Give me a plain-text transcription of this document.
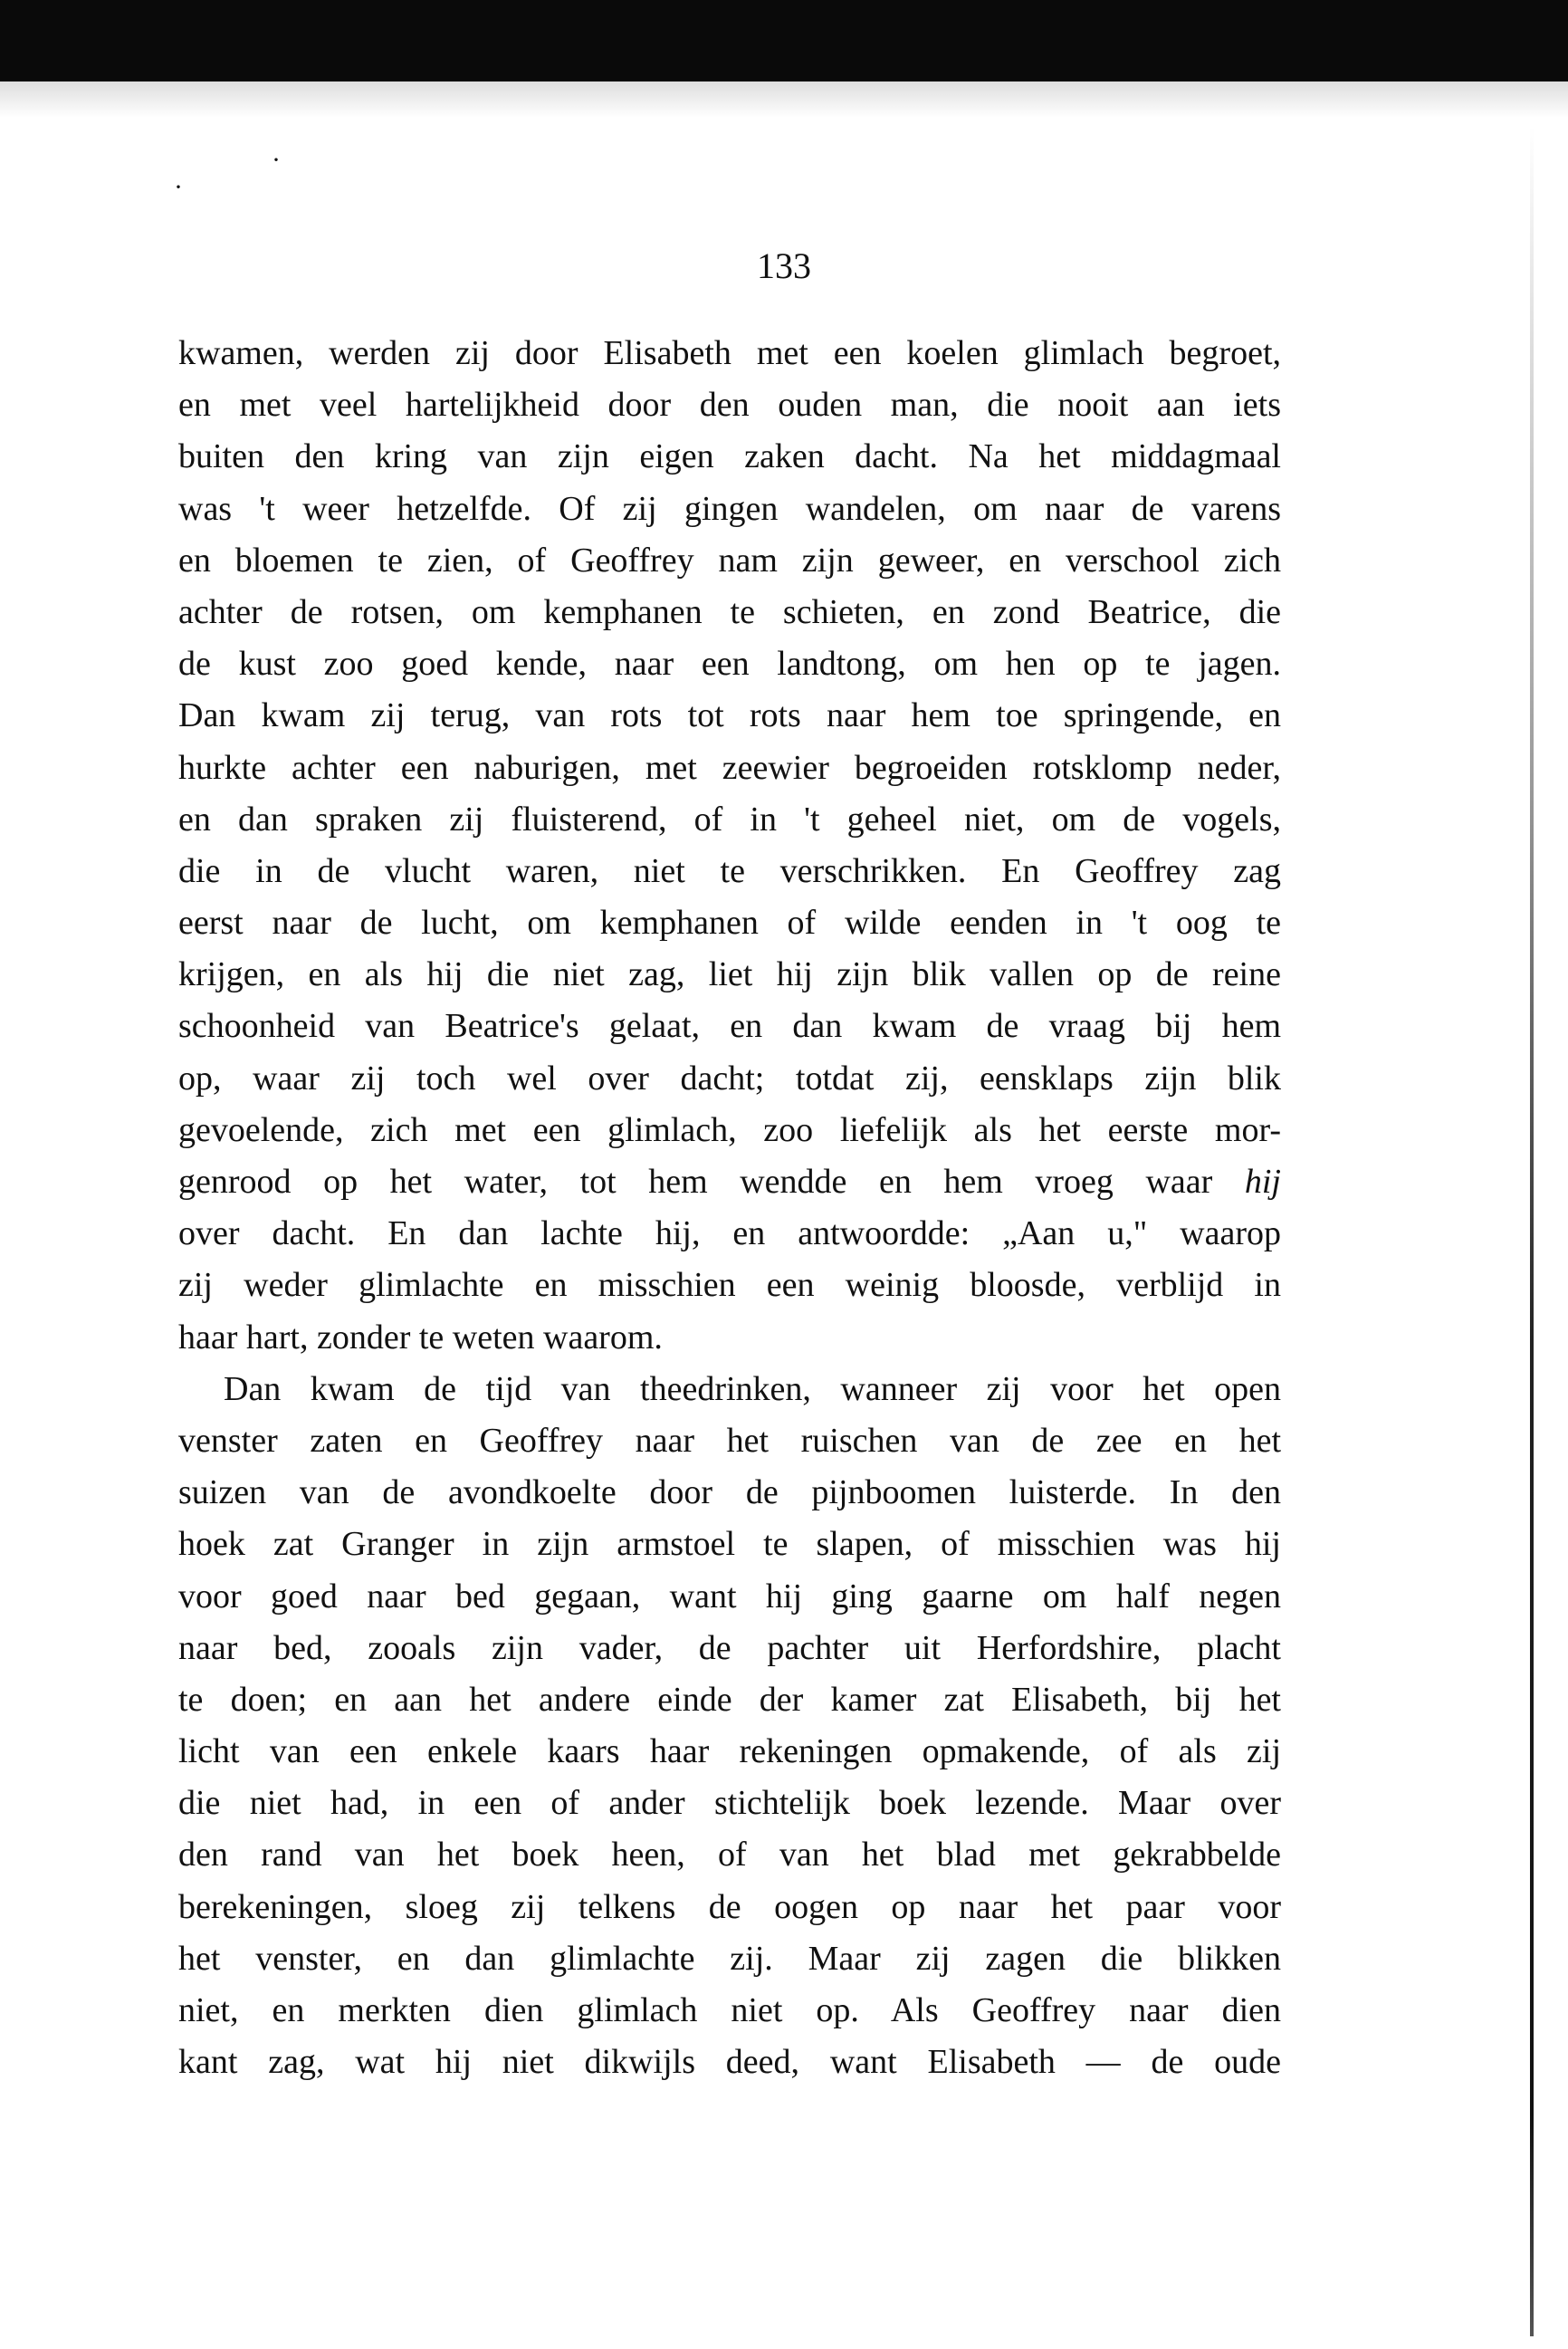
·
·
133
kwamen, werden zij door Elisabeth met een koelen glimlach begroet,
en met veel hartelijkheid door den ouden man, die nooit aan iets
buiten den kring van zijn eigen zaken dacht. Na het middagmaal
was 't weer hetzelfde. Of zij gingen wandelen, om naar de varens
en bloemen te zien, of Geoffrey nam zijn geweer, en verschool zich
achter de rotsen, om kemphanen te schieten, en zond Beatrice, die
de kust zoo goed kende, naar een landtong, om hen op te jagen.
Dan kwam zij terug, van rots tot rots naar hem toe springende, en
hurkte achter een naburigen, met zeewier begroeiden rotsklomp neder,
en dan spraken zij fluisterend, of in 't geheel niet, om de vogels,
die in de vlucht waren, niet te verschrikken. En Geoffrey zag
eerst naar de lucht, om kemphanen of wilde eenden in 't oog te
krijgen, en als hij die niet zag, liet hij zijn blik vallen op de reine
schoonheid van Beatrice's gelaat, en dan kwam de vraag bij hem
op, waar zij toch wel over dacht; totdat zij, eensklaps zijn blik
gevoelende, zich met een glimlach, zoo liefelijk als het eerste mor-
genrood op het water, tot hem wendde en hem vroeg waar hij
over dacht. En dan lachte hij, en antwoordde: „Aan u," waarop
zij weder glimlachte en misschien een weinig bloosde, verblijd in
haar hart, zonder te weten waarom.
Dan kwam de tijd van theedrinken, wanneer zij voor het open
venster zaten en Geoffrey naar het ruischen van de zee en het
suizen van de avondkoelte door de pijnboomen luisterde. In den
hoek zat Granger in zijn armstoel te slapen, of misschien was hij
voor goed naar bed gegaan, want hij ging gaarne om half negen
naar bed, zooals zijn vader, de pachter uit Herfordshire, placht
te doen; en aan het andere einde der kamer zat Elisabeth, bij het
licht van een enkele kaars haar rekeningen opmakende, of als zij
die niet had, in een of ander stichtelijk boek lezende. Maar over
den rand van het boek heen, of van het blad met gekrabbelde
berekeningen, sloeg zij telkens de oogen op naar het paar voor
het venster, en dan glimlachte zij. Maar zij zagen die blikken
niet, en merkten dien glimlach niet op. Als Geoffrey naar dien
kant zag, wat hij niet dikwijls deed, want Elisabeth — de oude
